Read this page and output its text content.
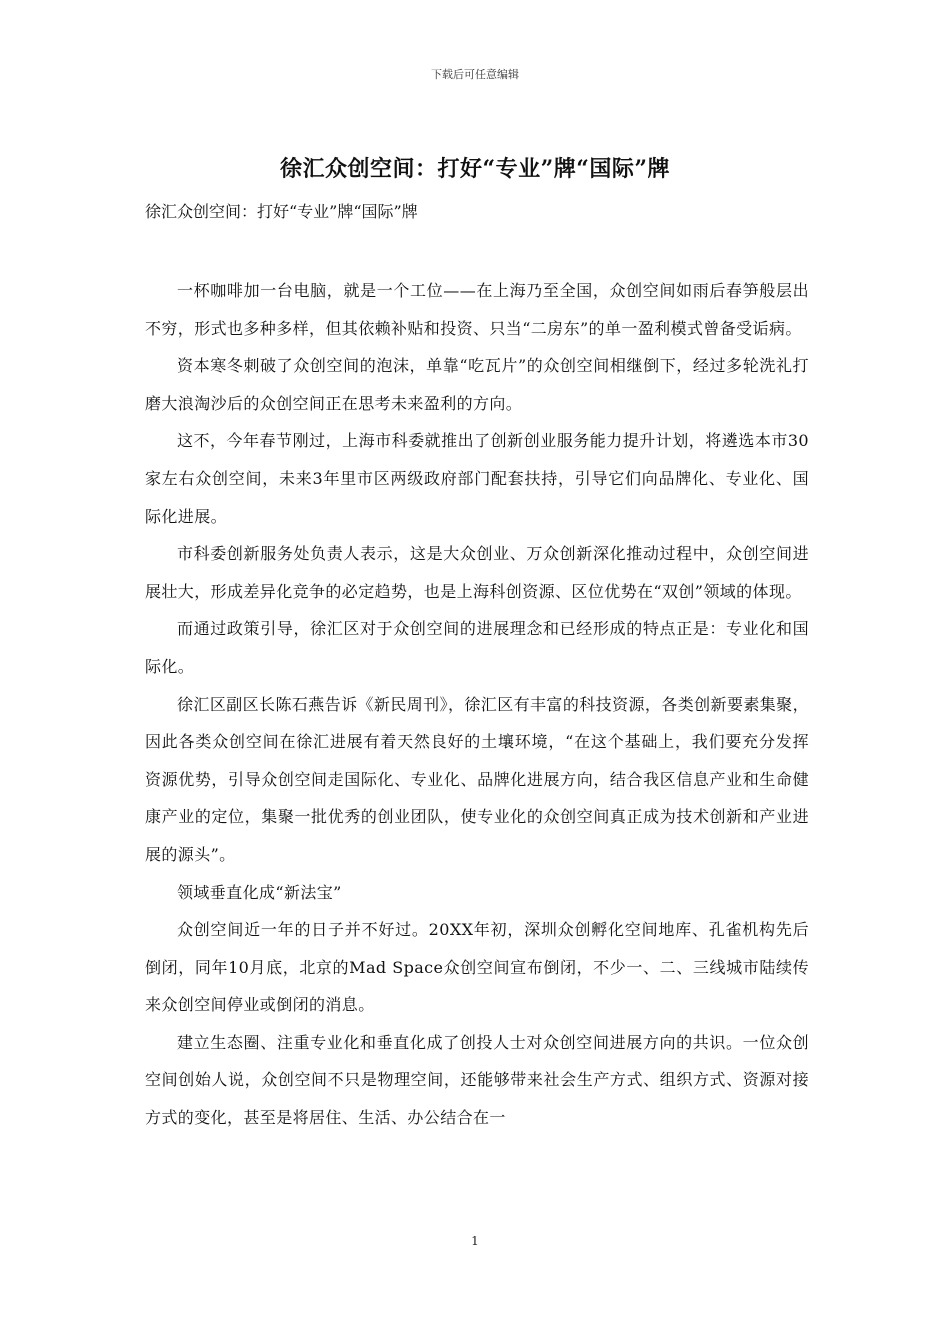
下载后可任意编辑
徐汇众创空间：打好“专业”牌“国际”牌

徐汇众创空间：打好“专业”牌“国际”牌

一杯咖啡加一台电脑，就是一个工位——在上海乃至全国，众创空间如雨后春笋般层出不穷，形式也多种多样，但其依赖补贴和投资、只当“二房东”的单一盈利模式曾备受诟病。

资本寒冬刺破了众创空间的泡沫，单靠“吃瓦片”的众创空间相继倒下，经过多轮洗礼打磨大浪淘沙后的众创空间正在思考未来盈利的方向。

这不，今年春节刚过，上海市科委就推出了创新创业服务能力提升计划，将遴选本市30家左右众创空间，未来3年里市区两级政府部门配套扶持，引导它们向品牌化、专业化、国际化进展。

市科委创新服务处负责人表示，这是大众创业、万众创新深化推动过程中，众创空间进展壮大，形成差异化竞争的必定趋势，也是上海科创资源、区位优势在“双创”领域的体现。

而通过政策引导，徐汇区对于众创空间的进展理念和已经形成的特点正是：专业化和国际化。

徐汇区副区长陈石燕告诉《新民周刊》，徐汇区有丰富的科技资源，各类创新要素集聚，因此各类众创空间在徐汇进展有着天然良好的土壤环境，“在这个基础上，我们要充分发挥资源优势，引导众创空间走国际化、专业化、品牌化进展方向，结合我区信息产业和生命健康产业的定位，集聚一批优秀的创业团队，使专业化的众创空间真正成为技术创新和产业进展的源头”。

领域垂直化成“新法宝”

众创空间近一年的日子并不好过。20XX年初，深圳众创孵化空间地库、孔雀机构先后倒闭，同年10月底，北京的Mad Space众创空间宣布倒闭，不少一、二、三线城市陆续传来众创空间停业或倒闭的消息。

建立生态圈、注重专业化和垂直化成了创投人士对众创空间进展方向的共识。一位众创空间创始人说，众创空间不只是物理空间，还能够带来社会生产方式、组织方式、资源对接方式的变化，甚至是将居住、生活、办公结合在一

1
